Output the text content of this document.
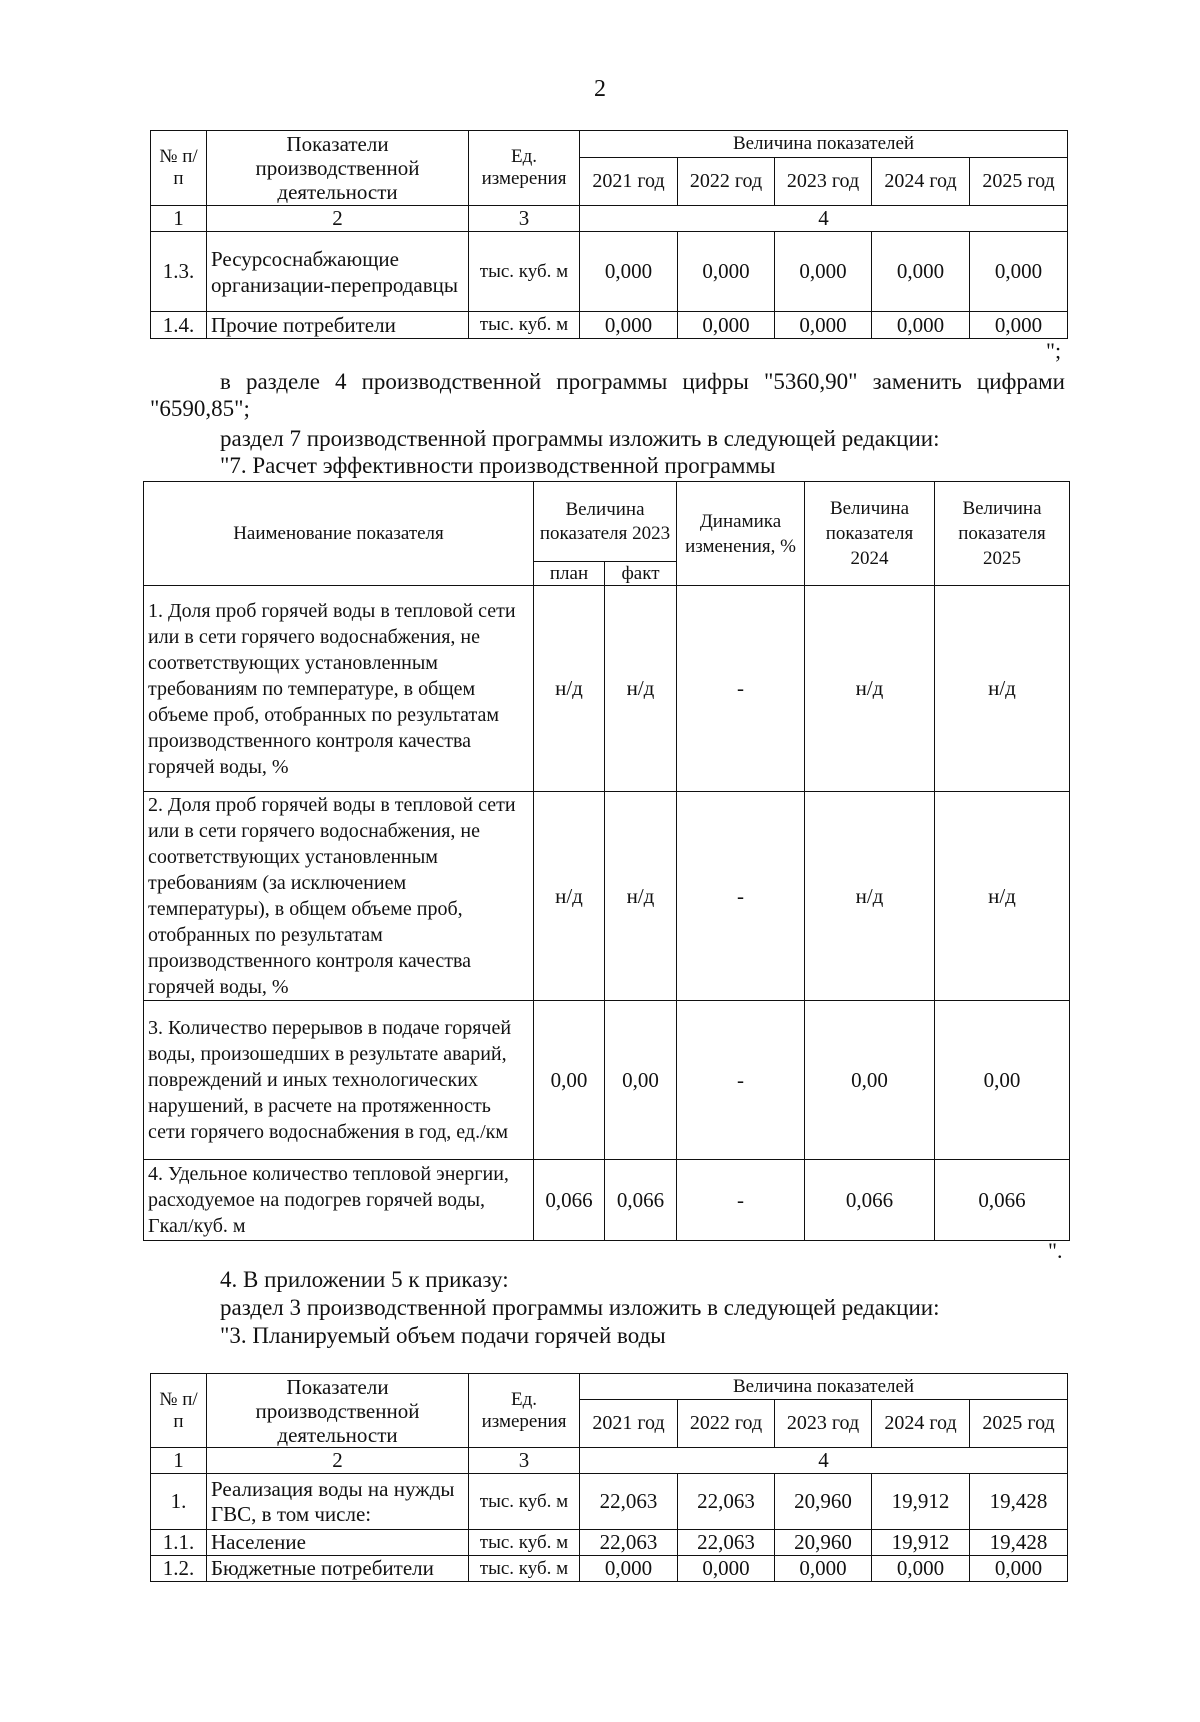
2
№ п/п	Показатели производственной деятельности	Ед. измерения	Величина показателей				
			2021 год	2022 год	2023 год	2024 год	2025 год
1	2	3	4				
1.3.	Ресурсоснабжающие организации-перепродавцы	тыс. куб. м	0,000	0,000	0,000	0,000	0,000
1.4.	Прочие потребители	тыс. куб. м	0,000	0,000	0,000	0,000	0,000
";
в разделе 4 производственной программы цифры "5360,90" заменить цифрами "6590,85";
раздел 7 производственной программы изложить в следующей редакции:
"7. Расчет эффективности производственной программы
Наименование показателя	Величина показателя 2023		Динамика изменения, %	Величина показателя 2024	Величина показателя 2025
	план	факт			
1. Доля проб горячей воды в тепловой сети или в сети горячего водоснабжения, не соответствующих установленным требованиям по температуре, в общем объеме проб, отобранных по результатам производственного контроля качества горячей воды, %	н/д	н/д	-	н/д	н/д
2. Доля проб горячей воды в тепловой сети или в сети горячего водоснабжения, не соответствующих установленным требованиям (за исключением температуры), в общем объеме проб, отобранных по результатам производственного контроля качества горячей воды, %	н/д	н/д	-	н/д	н/д
3. Количество перерывов в подаче горячей воды, произошедших в результате аварий, повреждений и иных технологических нарушений, в расчете на протяженность сети горячего водоснабжения в год, ед./км	0,00	0,00	-	0,00	0,00
4. Удельное количество тепловой энергии, расходуемое на подогрев горячей воды, Гкал/куб. м	0,066	0,066	-	0,066	0,066
".
4. В приложении 5 к приказу:
раздел 3 производственной программы изложить в следующей редакции:
"3. Планируемый объем подачи горячей воды
№ п/п	Показатели производственной деятельности	Ед. измерения	Величина показателей				
			2021 год	2022 год	2023 год	2024 год	2025 год
1	2	3	4				
1.	Реализация воды на нужды ГВС, в том числе:	тыс. куб. м	22,063	22,063	20,960	19,912	19,428
1.1.	Население	тыс. куб. м	22,063	22,063	20,960	19,912	19,428
1.2.	Бюджетные потребители	тыс. куб. м	0,000	0,000	0,000	0,000	0,000
